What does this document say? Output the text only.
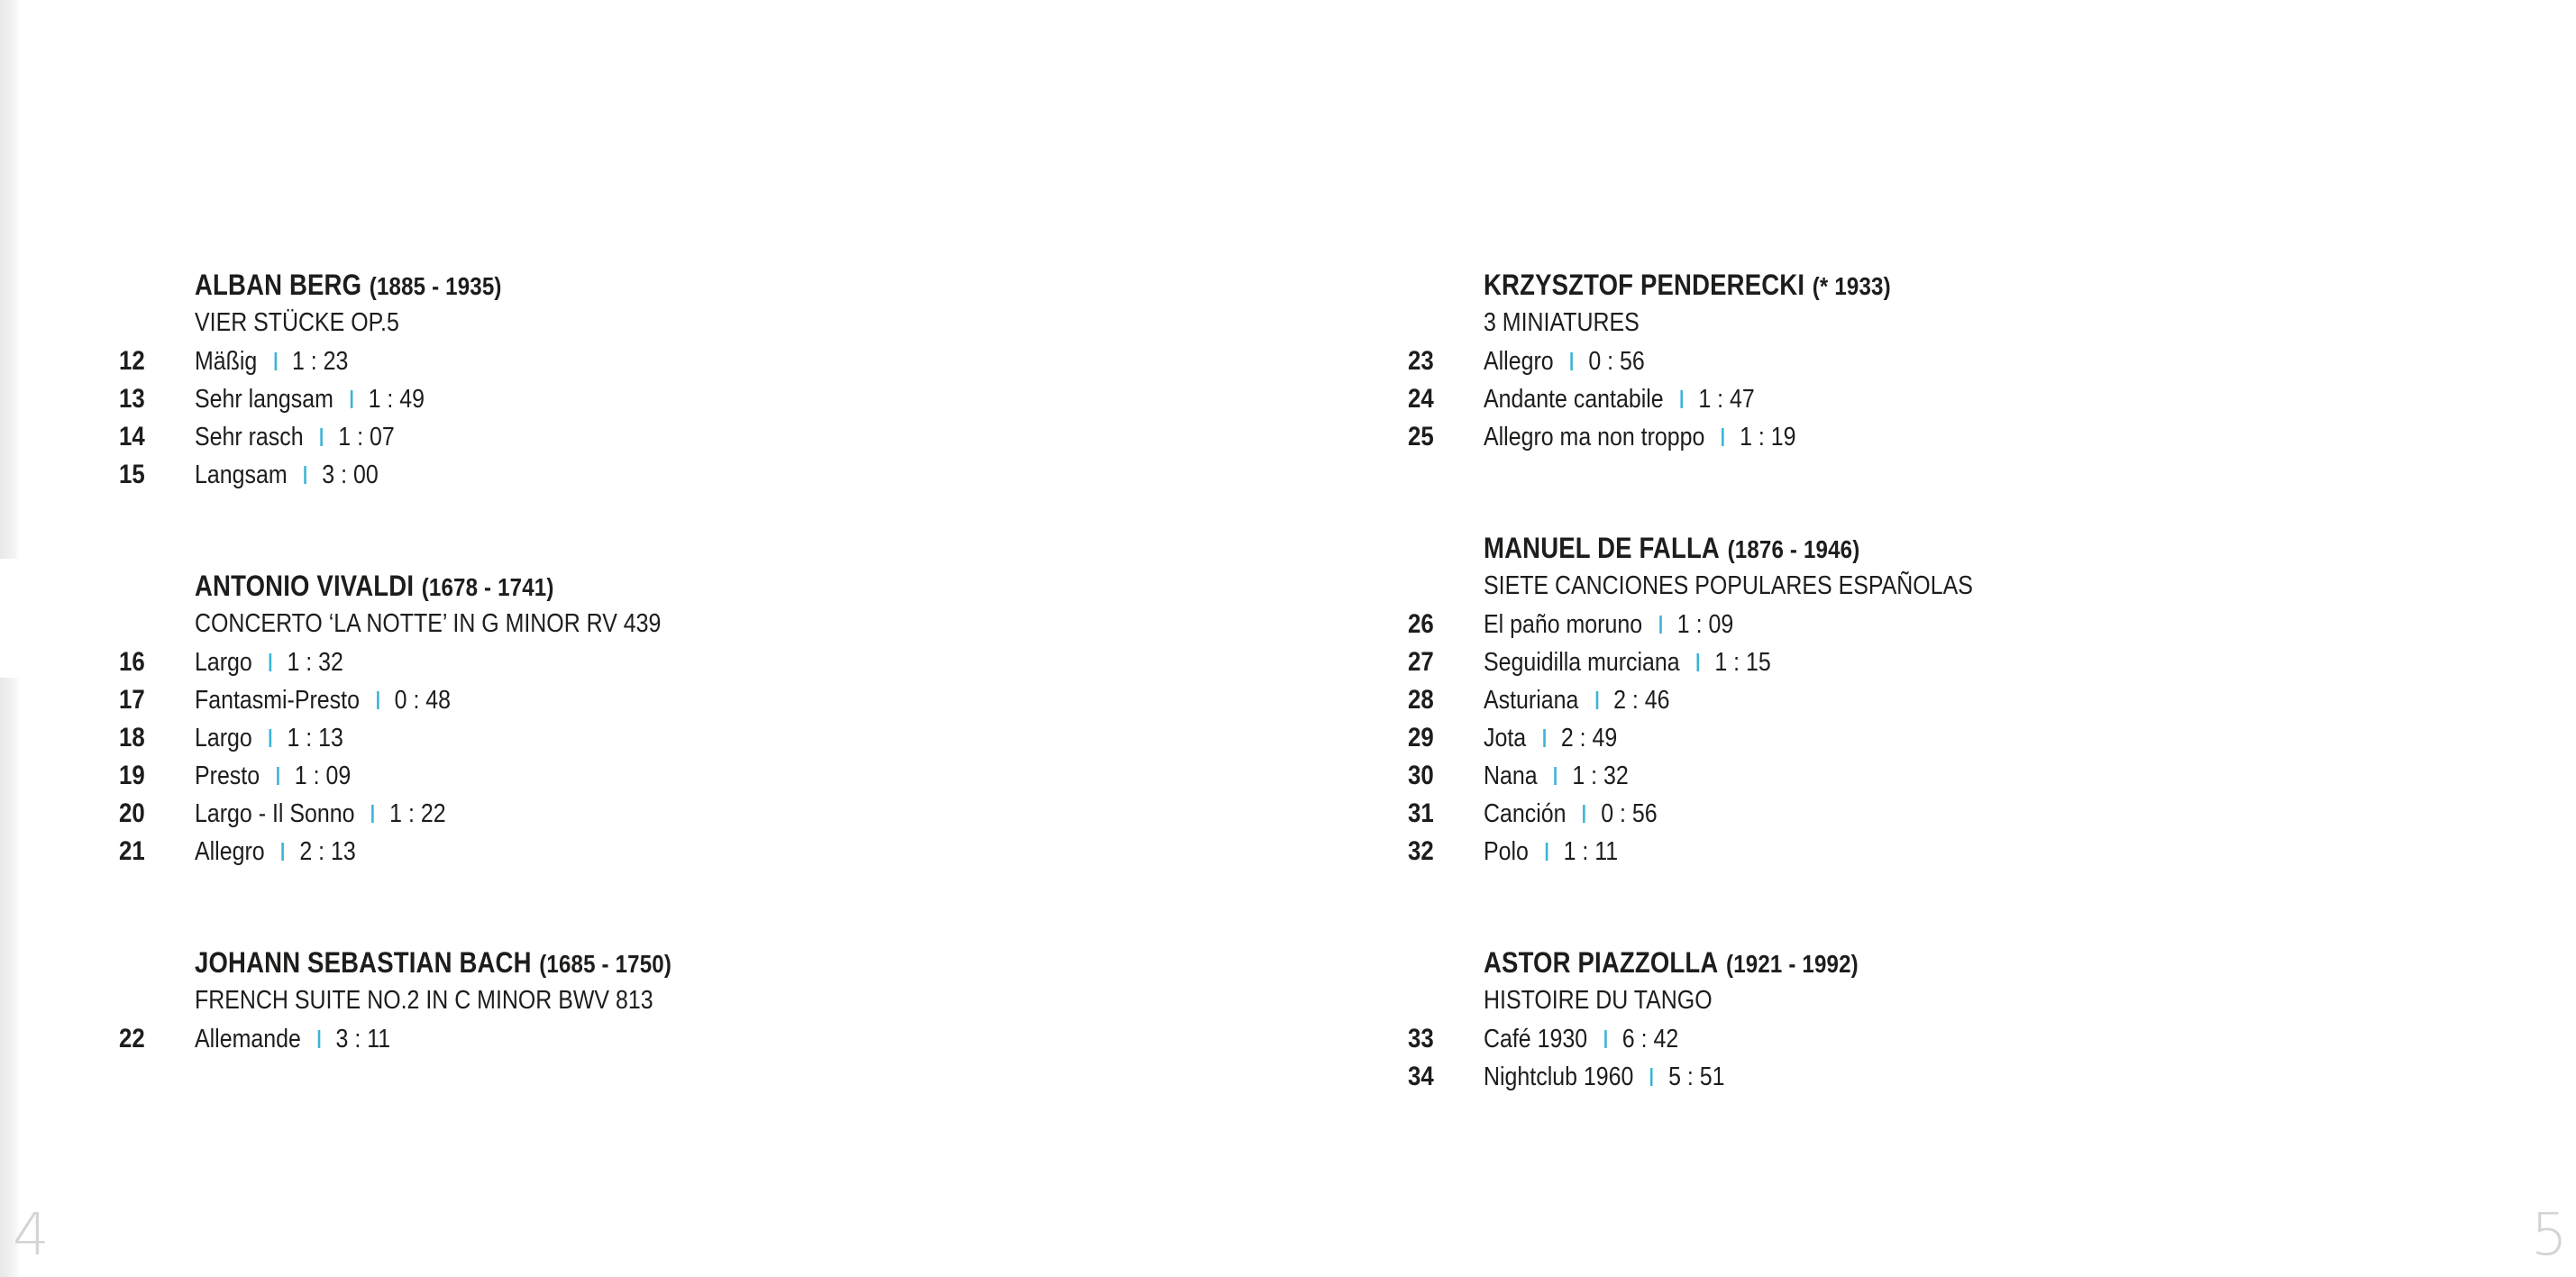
ALBAN BERG (1885 - 1935)
VIER STÜCKE OP.5
12 Mäßig 1 : 23
13 Sehr langsam 1 : 49
14 Sehr rasch 1 : 07
15 Langsam 3 : 00
ANTONIO VIVALDI (1678 - 1741)
CONCERTO ‘LA NOTTE’ IN G MINOR RV 439
16 Largo 1 : 32
17 Fantasmi-Presto 0 : 48
18 Largo 1 : 13
19 Presto 1 : 09
20 Largo - Il Sonno 1 : 22
21 Allegro 2 : 13
JOHANN SEBASTIAN BACH (1685 - 1750)
FRENCH SUITE NO.2 IN C MINOR BWV 813
22 Allemande 3 : 11
KRZYSZTOF PENDERECKI (* 1933)
3 MINIATURES
23 Allegro 0 : 56
24 Andante cantabile 1 : 47
25 Allegro ma non troppo 1 : 19
MANUEL DE FALLA (1876 - 1946)
SIETE CANCIONES POPULARES ESPAÑOLAS
26 El paño moruno 1 : 09
27 Seguidilla murciana 1 : 15
28 Asturiana 2 : 46
29 Jota 2 : 49
30 Nana 1 : 32
31 Canción 0 : 56
32 Polo 1 : 11
ASTOR PIAZZOLLA (1921 - 1992)
HISTOIRE DU TANGO
33 Café 1930 6 : 42
34 Nightclub 1960 5 : 51
4	5
